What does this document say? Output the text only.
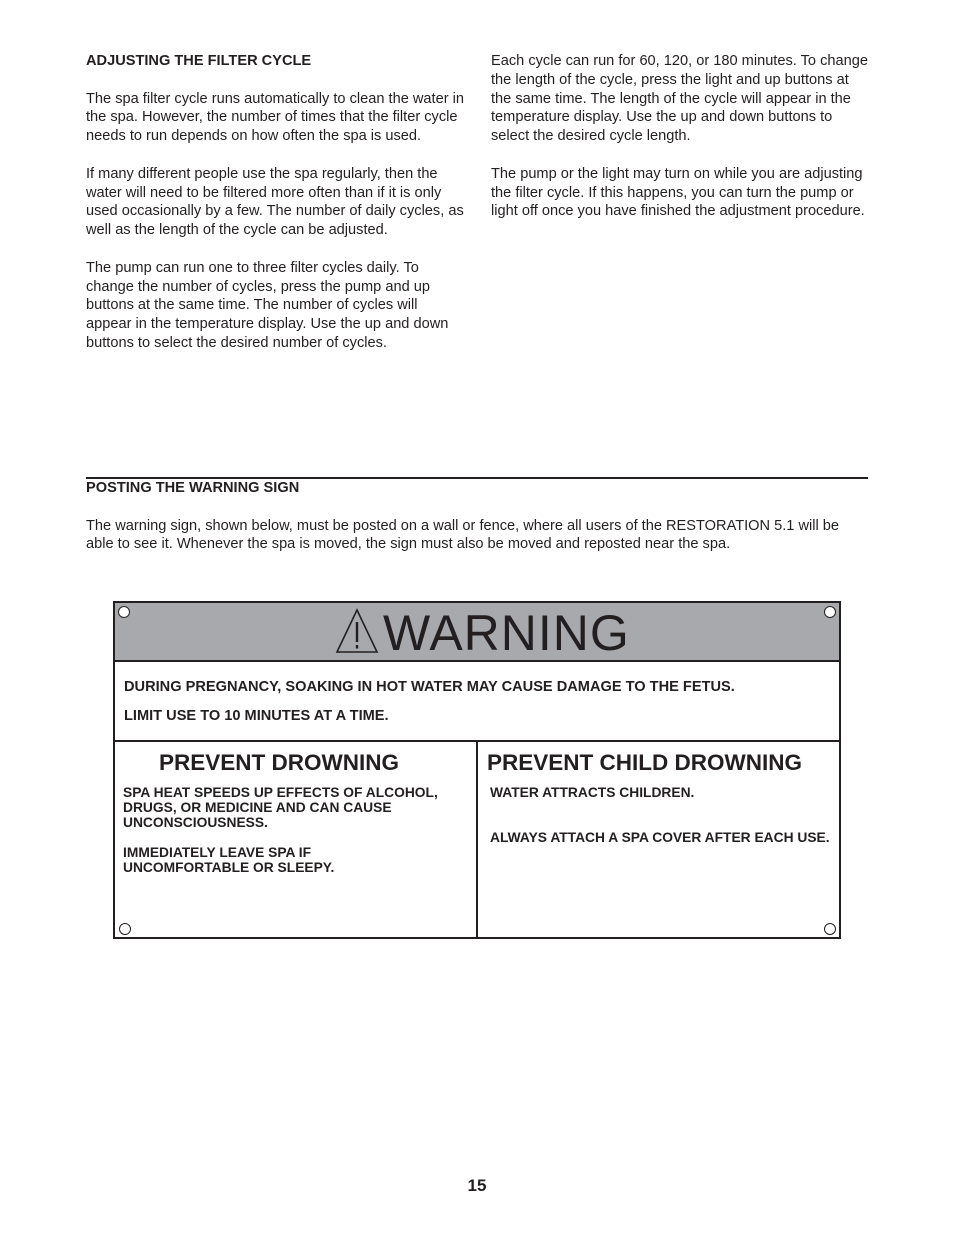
ADJUSTING THE FILTER CYCLE

The spa filter cycle runs automatically to clean the water in the spa. However, the number of times that the filter cycle needs to run depends on how often the spa is used.

If many different people use the spa regularly, then the water will need to be filtered more often than if it is only used occasionally by a few. The number of daily cycles, as well as the length of the cycle can be adjusted.

The pump can run one to three filter cycles daily. To change the number of cycles, press the pump and up buttons at the same time. The number of cycles will appear in the temperature display. Use the up and down buttons to select the desired number of cycles.

Each cycle can run for 60, 120, or 180 minutes. To change the length of the cycle, press the light and up buttons at the same time. The length of the cycle will appear in the temperature display. Use the up and down buttons to select the desired cycle length.

The pump or the light may turn on while you are adjusting the filter cycle. If this happens, you can turn the pump or light off once you have finished the adjustment procedure.

POSTING THE WARNING SIGN

The warning sign, shown below, must be posted on a wall or fence, where all users of the RESTORATION 5.1 will be able to see it. Whenever the spa is moved, the sign must also be moved and reposted near the spa.

WARNING
DURING PREGNANCY, SOAKING IN HOT WATER MAY CAUSE DAMAGE TO THE FETUS.
LIMIT USE TO 10 MINUTES AT A TIME.
PREVENT DROWNING
SPA HEAT SPEEDS UP EFFECTS OF ALCOHOL, DRUGS, OR MEDICINE AND CAN CAUSE UNCONSCIOUSNESS.
IMMEDIATELY LEAVE SPA IF UNCOMFORTABLE OR SLEEPY.
PREVENT CHILD DROWNING
WATER ATTRACTS CHILDREN.
ALWAYS ATTACH A SPA COVER AFTER EACH USE.
15
